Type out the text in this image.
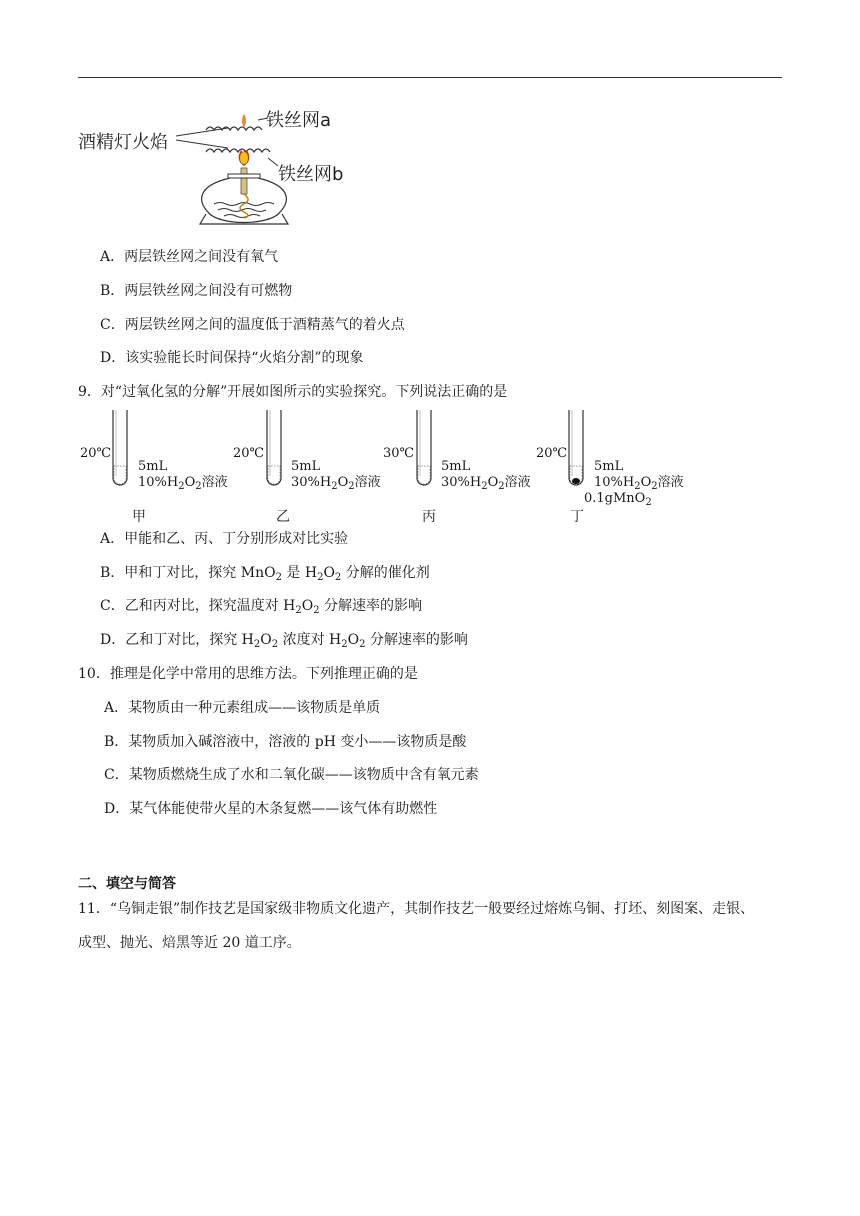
酒精灯火焰
铁丝网a
铁丝网b
A．两层铁丝网之间没有氧气
B．两层铁丝网之间没有可燃物
C．两层铁丝网之间的温度低于酒精蒸气的着火点
D．该实验能长时间保持“火焰分割”的现象
9．对“过氧化氢的分解”开展如图所示的实验探究。下列说法正确的是
20℃
5mL
$10\%H_2O_2$溶液
甲
20℃
5mL
$30\%H_2O_2$溶液
乙
30℃
5mL
$30\%H_2O_2$溶液
丙
20℃
5mL
$10\%H_2O_2$溶液
0.1gMnO$_2$
丁
A．甲能和乙、丙、丁分别形成对比实验
B．甲和丁对比，探究 MnO$_2$ 是 $H_2O_2$ 分解的催化剂
C．乙和丙对比，探究温度对 $H_2O_2$ 分解速率的影响
D．乙和丁对比，探究 $H_2O_2$ 浓度对 $H_2O_2$ 分解速率的影响
10．推理是化学中常用的思维方法。下列推理正确的是
A．某物质由一种元素组成——该物质是单质
B．某物质加入碱溶液中，溶液的 pH 变小——该物质是酸
C．某物质燃烧生成了水和二氧化碳——该物质中含有氧元素
D．某气体能使带火星的木条复燃——该气体有助燃性
二、填空与简答
11．“乌铜走银”制作技艺是国家级非物质文化遗产，其制作技艺一般要经过熔炼乌铜、打坯、刻图案、走银、
成型、抛光、焙黑等近 20 道工序。
